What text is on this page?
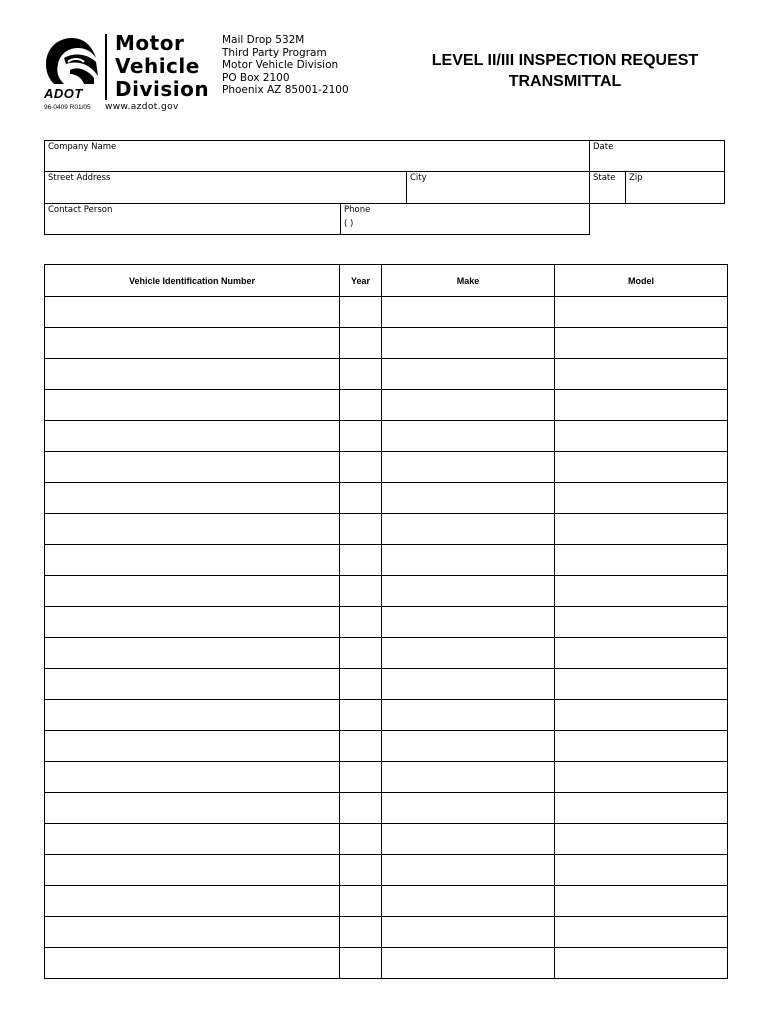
ADOT
Motor
Vehicle
Division
Mail Drop 532M
Third Party Program
Motor Vehicle Division
PO Box 2100
Phoenix AZ 85001-2100
96-0409 R01/05 www.azdot.gov
LEVEL II/III INSPECTION REQUEST
TRANSMITTAL
Company Name	Date
Street Address	City	State Zip
Contact Person	Phone
( )
Vehicle Identification Number	Year	Make	Model
